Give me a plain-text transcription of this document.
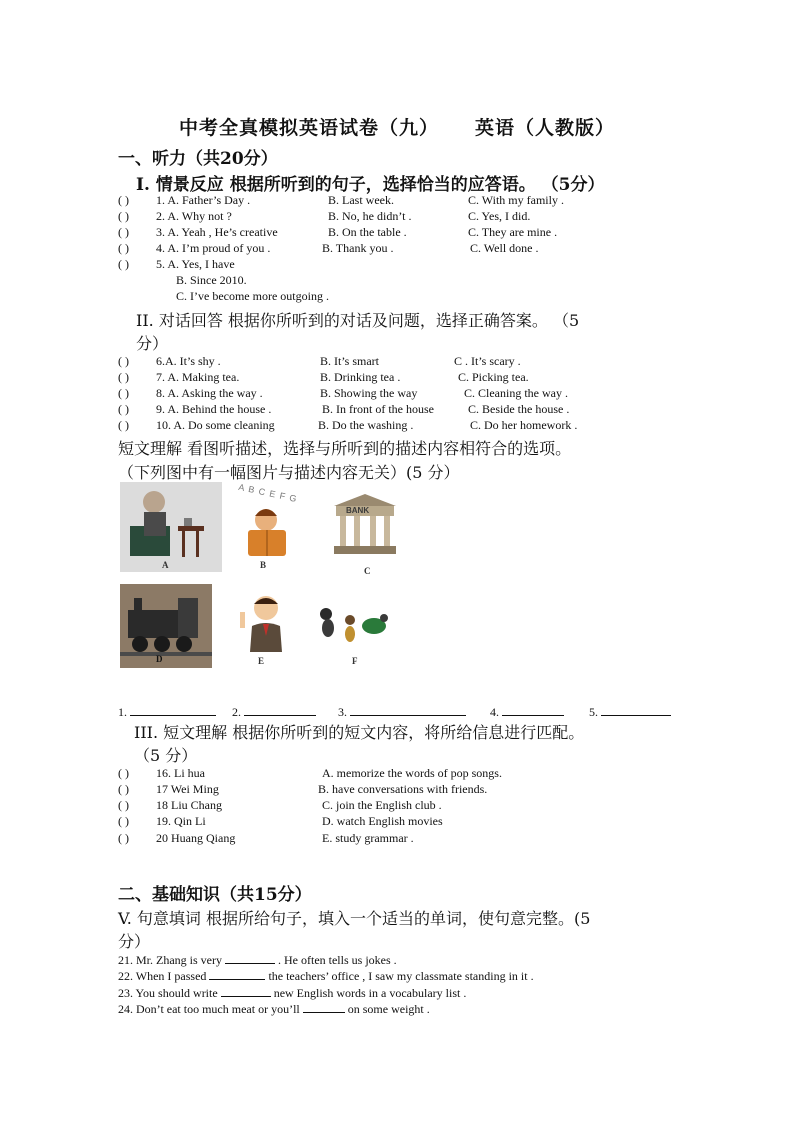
中考全真模拟英语试卷（九） 英语（人教版）
一、听力（共20分）
I. 情景反应 根据所听到的句子，选择恰当的应答语。 （5分）
( ) 1. A. Father’s Day .	B. Last week.	C. With my family .
( ) 2. A. Why not ?	B. No, he didn’t .	C. Yes, I did.
( ) 3. A. Yeah , He’s creative	B. On the table .	C. They are mine .
( ) 4. A. I’m proud of you .	B. Thank you .	C. Well done .
( ) 5. A. Yes, I have
B. Since 2010.
C. I’ve become more outgoing .
II. 对话回答 根据你所听到的对话及问题，选择正确答案。 （5
分）
( ) 6.A. It’s shy .	B. It’s smart	C . It’s scary .
( ) 7. A. Making tea.	B. Drinking tea .	C. Picking tea.
( ) 8. A. Asking the way .	B. Showing the way	C. Cleaning the way .
( ) 9. A. Behind the house .	B. In front of the house	C. Beside the house .
( ) 10. A. Do some cleaning	B. Do the washing .	C. Do her homework .
短文理解 看图听描述，选择与所听到的描述内容相符合的选项。
（下列图中有一幅图片与描述内容无关）(5 分）
A
A B C E F G
B
BANK
C
D	E	F
1.	2.	3.	4.	5.
III. 短文理解 根据你所听到的短文内容，将所给信息进行匹配。
（5 分）
( ) 16. Li hua	A. memorize the words of pop songs.
( ) 17 Wei Ming	B. have conversations with friends.
( ) 18 Liu Chang	C. join the English club .
( ) 19. Qin Li	D. watch English movies
( ) 20 Huang Qiang	E. study grammar .
二、基础知识（共15分）
V. 句意填词 根据所给句子，填入一个适当的单词，使句意完整。(5
分）
21. Mr. Zhang is very	. He often tells us jokes .
22. When I passed	the teachers’ office , I saw my classmate standing in it .
23. You should write	new English words in a vocabulary list .
24. Don’t eat too much meat or you’ll	on some weight .
